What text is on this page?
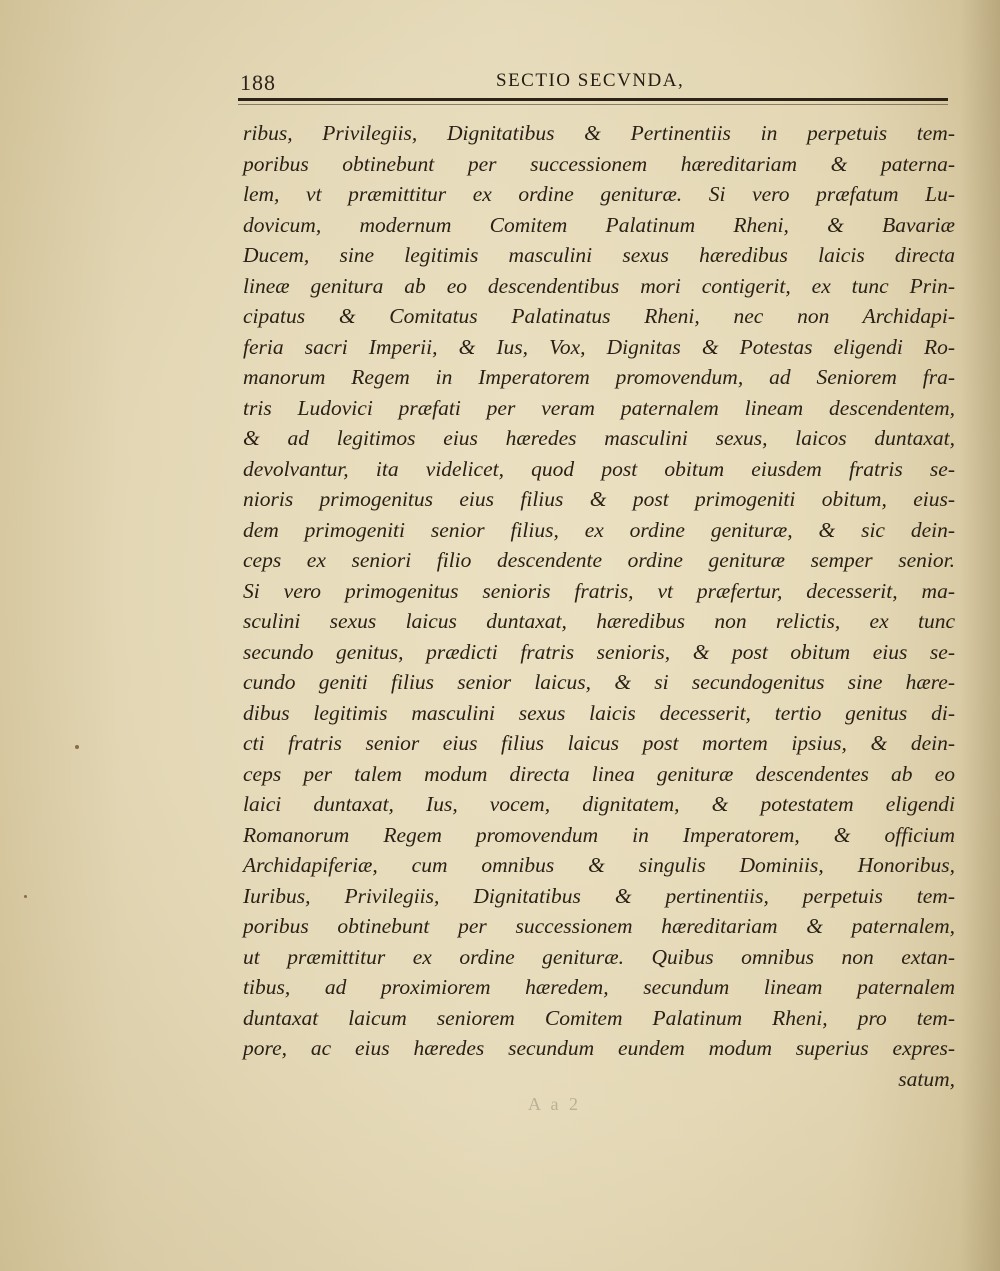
188	SECTIO SECVNDA,
ribus, Privilegiis, Dignitatibus & Pertinentiis in perpetuis tem-
poribus obtinebunt per successionem hæreditariam & paterna-
lem, vt præmittitur ex ordine genituræ. Si vero præfatum Lu-
dovicum, modernum Comitem Palatinum Rheni, & Bavariæ
Ducem, sine legitimis masculini sexus hæredibus laicis directa
lineæ genitura ab eo descendentibus mori contigerit, ex tunc Prin-
cipatus & Comitatus Palatinatus Rheni, nec non Archidapi-
feria sacri Imperii, & Ius, Vox, Dignitas & Potestas eligendi Ro-
manorum Regem in Imperatorem promovendum, ad Seniorem fra-
tris Ludovici præfati per veram paternalem lineam descendentem,
& ad legitimos eius hæredes masculini sexus, laicos duntaxat,
devolvantur, ita videlicet, quod post obitum eiusdem fratris se-
nioris primogenitus eius filius & post primogeniti obitum, eius-
dem primogeniti senior filius, ex ordine genituræ, & sic dein-
ceps ex seniori filio descendente ordine genituræ semper senior.
Si vero primogenitus senioris fratris, vt præfertur, decesserit, ma-
sculini sexus laicus duntaxat, hæredibus non relictis, ex tunc
secundo genitus, prædicti fratris senioris, & post obitum eius se-
cundo geniti filius senior laicus, & si secundogenitus sine hære-
dibus legitimis masculini sexus laicis decesserit, tertio genitus di-
cti fratris senior eius filius laicus post mortem ipsius, & dein-
ceps per talem modum directa linea genituræ descendentes ab eo
laici duntaxat, Ius, vocem, dignitatem, & potestatem eligendi
Romanorum Regem promovendum in Imperatorem, & officium
Archidapiferiæ, cum omnibus & singulis Dominiis, Honoribus,
Iuribus, Privilegiis, Dignitatibus & pertinentiis, perpetuis tem-
poribus obtinebunt per successionem hæreditariam & paternalem,
ut præmittitur ex ordine genituræ. Quibus omnibus non extan-
tibus, ad proximiorem hæredem, secundum lineam paternalem
duntaxat laicum seniorem Comitem Palatinum Rheni, pro tem-
pore, ac eius hæredes secundum eundem modum superius expres-
satum,
A a 2
